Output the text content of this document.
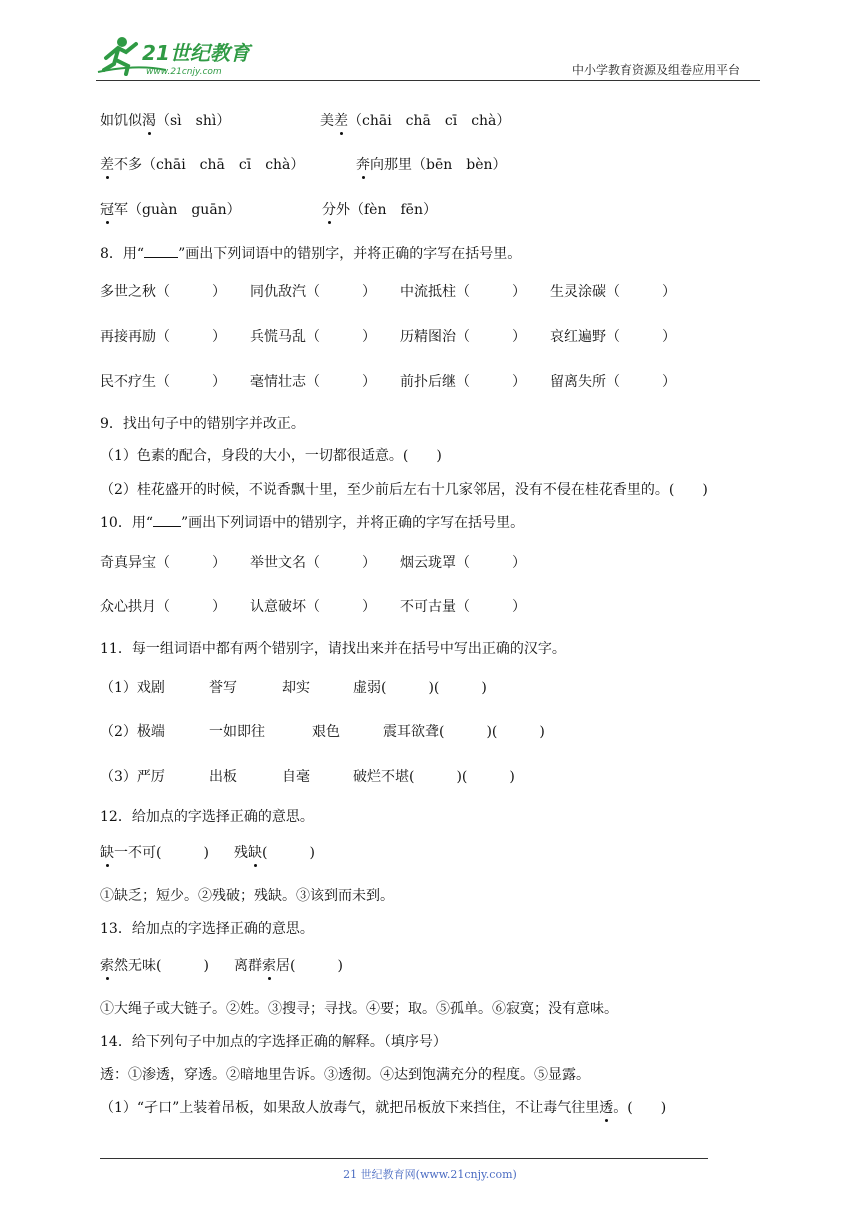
21世纪教育
www.21cnjy.com	中小学教育资源及组卷应用平台
如饥似渴（sì　shì）	美差（chāi　chā　cī　chà）
差不多（chāi　chā　cī　chà）	奔向那里（bēn　bèn）
冠军（guàn　guān）	分外（fèn　fēn）
8．用“ ”画出下列词语中的错别字，并将正确的字写在括号里。
多世之秋（　　　） 同仇敌汽（　　　） 中流抵柱（　　　） 生灵涂碳（　　　）
再接再励（　　　） 兵慌马乱（　　　） 历精图治（　　　） 哀红遍野（　　　）
民不疗生（　　　） 毫情壮志（　　　） 前扑后继（　　　） 留离失所（　　　）
9．找出句子中的错别字并改正。
（1）色素的配合，身段的大小，一切都很适意。(　　)
（2）桂花盛开的时候，不说香飘十里，至少前后左右十几家邻居，没有不侵在桂花香里的。(　　)
10．用“ ”画出下列词语中的错别字，并将正确的字写在括号里。
奇真异宝（　　　） 举世文名（　　　） 烟云珑罩（　　　）
众心拱月（　　　） 认意破坏（　　　） 不可古量（　　　）
11．每一组词语中都有两个错别字，请找出来并在括号中写出正确的汉字。
（1）戏剧	誉写	却实	虚弱(　　　)(　　　)
（2）极端	一如即往	艰色	震耳欲聋(　　　)(　　　)
（3）严厉	出板	自毫	破烂不堪(　　　)(　　　)
12．给加点的字选择正确的意思。
缺一不可(　　　) 残缺(　　　)
①缺乏；短少。②残破；残缺。③该到而未到。
13．给加点的字选择正确的意思。
索然无味(　　　) 离群索居(　　　)
①大绳子或大链子。②姓。③搜寻；寻找。④要；取。⑤孤单。⑥寂寞；没有意味。
14．给下列句子中加点的字选择正确的解释。（填序号）
透：①渗透，穿透。②暗地里告诉。③透彻。④达到饱满充分的程度。⑤显露。
（1）“孑口”上装着吊板，如果敌人放毒气，就把吊板放下来挡住，不让毒气往里透。(　　)
21 世纪教育网(www.21cnjy.com)
